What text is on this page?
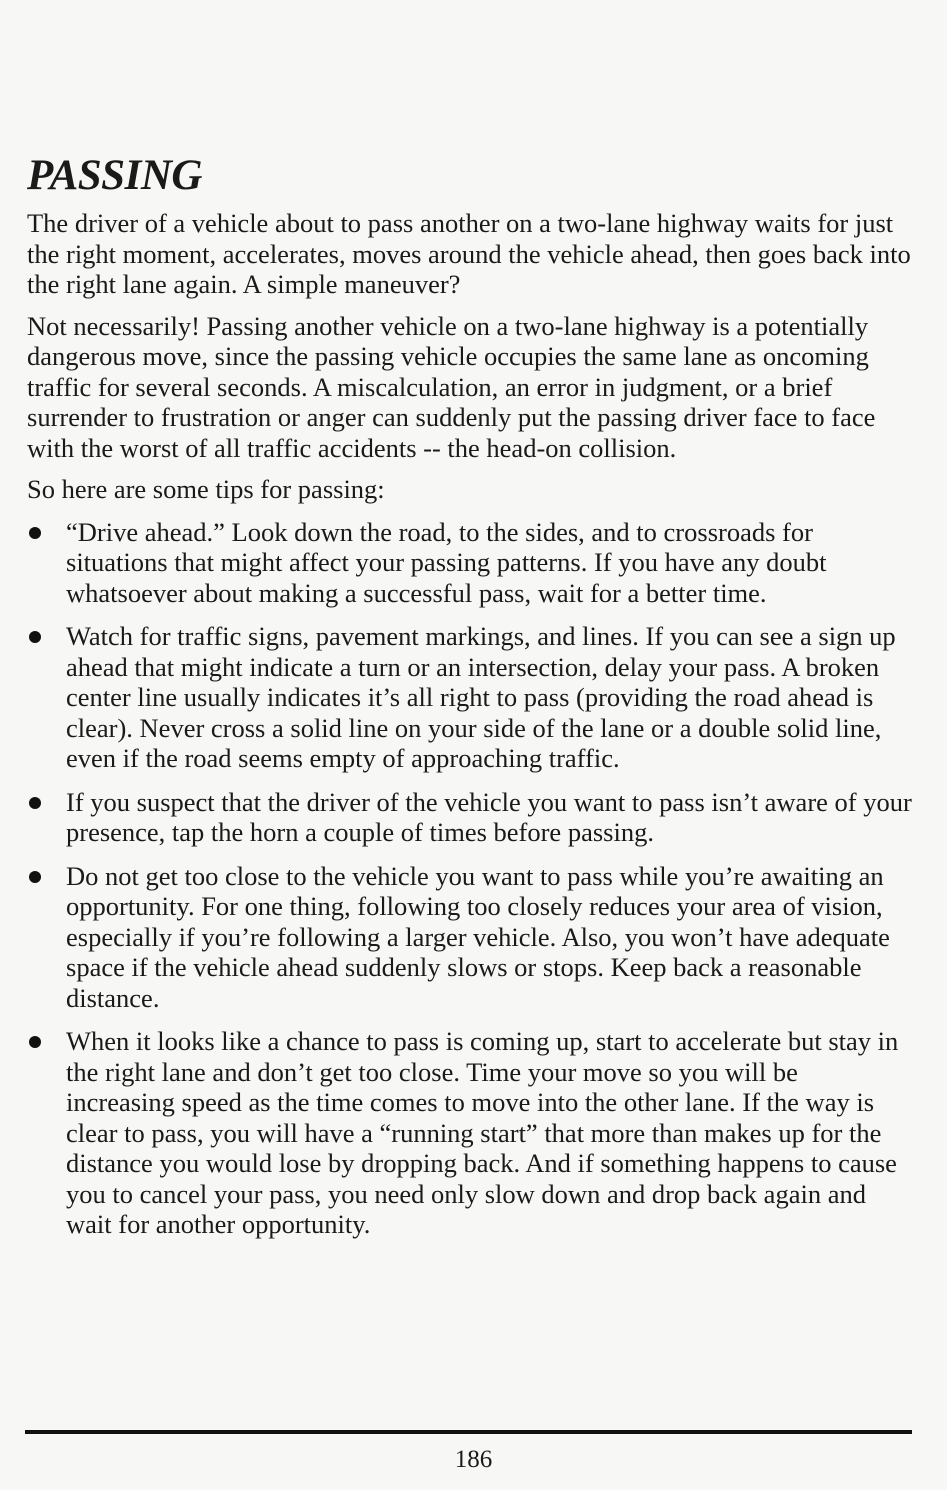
PASSING

The driver of a vehicle about to pass another on a two-lane highway waits for just the right moment, accelerates, moves around the vehicle ahead, then goes back into the right lane again. A simple maneuver?

Not necessarily! Passing another vehicle on a two-lane highway is a potentially dangerous move, since the passing vehicle occupies the same lane as oncoming traffic for several seconds. A miscalculation, an error in judgment, or a brief surrender to frustration or anger can suddenly put the passing driver face to face with the worst of all traffic accidents -- the head-on collision.

So here are some tips for passing:

“Drive ahead.” Look down the road, to the sides, and to crossroads for situations that might affect your passing patterns. If you have any doubt whatsoever about making a successful pass, wait for a better time.
Watch for traffic signs, pavement markings, and lines. If you can see a sign up ahead that might indicate a turn or an intersection, delay your pass. A broken center line usually indicates it’s all right to pass (providing the road ahead is clear). Never cross a solid line on your side of the lane or a double solid line, even if the road seems empty of approaching traffic.
If you suspect that the driver of the vehicle you want to pass isn’t aware of your presence, tap the horn a couple of times before passing.
Do not get too close to the vehicle you want to pass while you’re awaiting an opportunity. For one thing, following too closely reduces your area of vision, especially if you’re following a larger vehicle. Also, you won’t have adequate space if the vehicle ahead suddenly slows or stops. Keep back a reasonable distance.
When it looks like a chance to pass is coming up, start to accelerate but stay in the right lane and don’t get too close. Time your move so you will be increasing speed as the time comes to move into the other lane. If the way is clear to pass, you will have a “running start” that more than makes up for the distance you would lose by dropping back. And if something happens to cause you to cancel your pass, you need only slow down and drop back again and wait for another opportunity.
186
